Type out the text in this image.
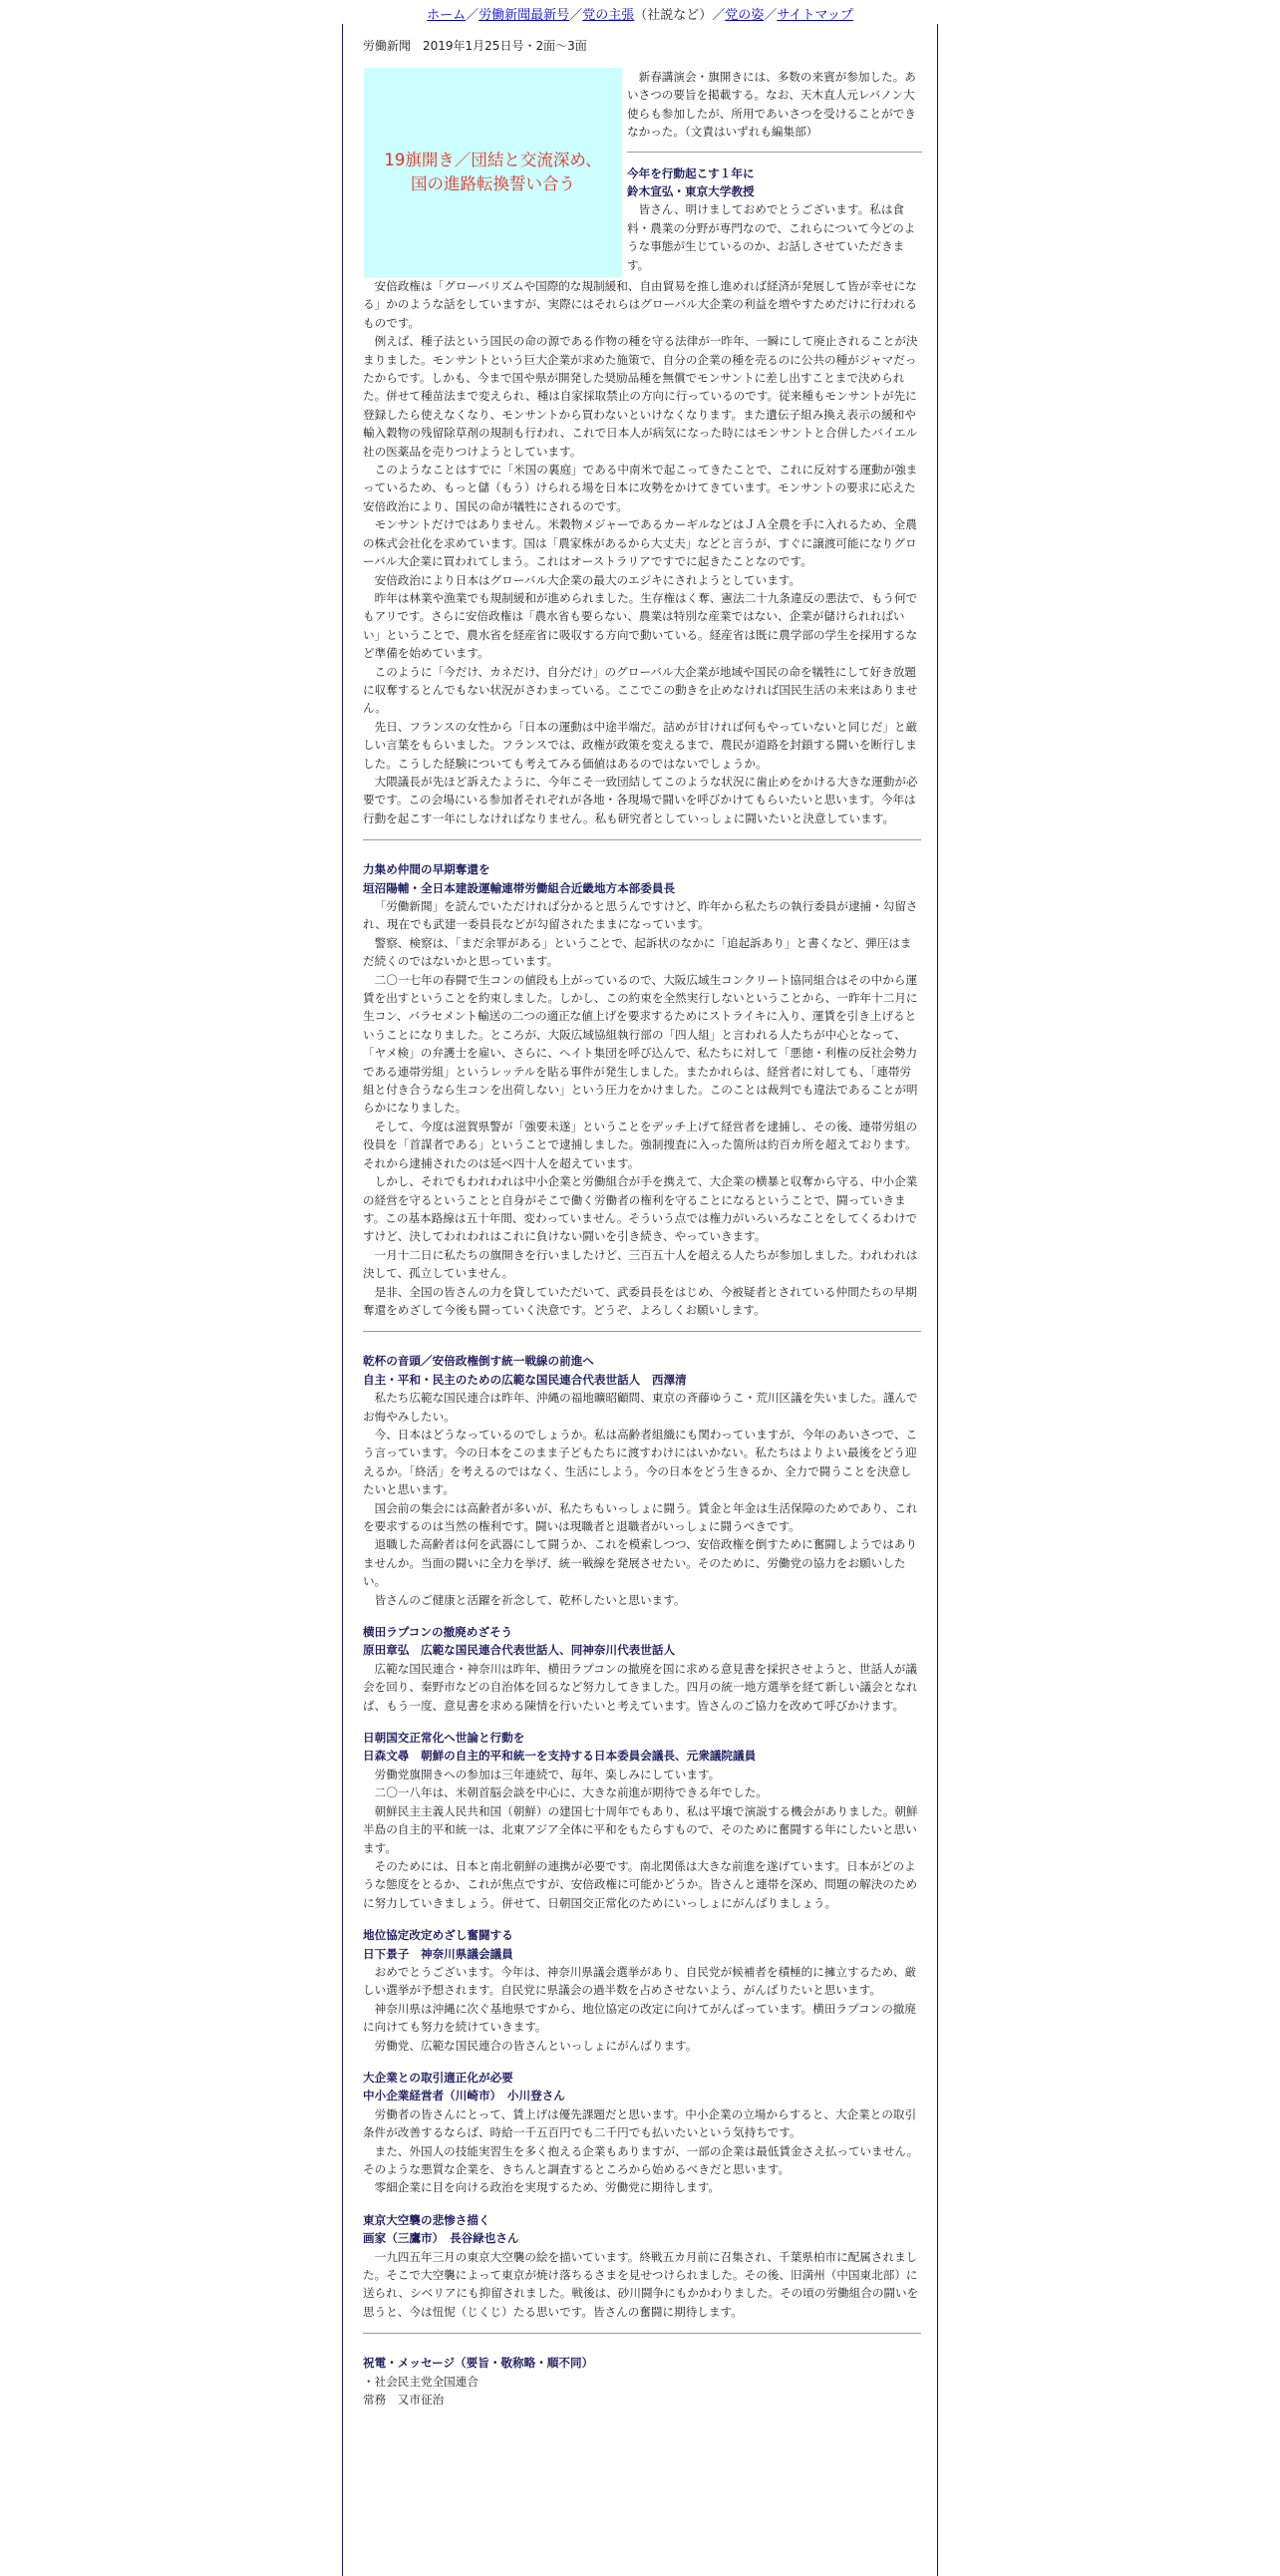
ホーム／労働新聞最新号／党の主張（社説など）／党の姿／サイトマップ
労働新聞　2019年1月25日号・2面～3面
19旗開き／団結と交流深め、
国の進路転換誓い合う

新春講演会・旗開きには、多数の来賓が参加した。あいさつの要旨を掲載する。なお、天木直人元レバノン大使らも参加したが、所用であいさつを受けることができなかった。（文責はいずれも編集部）

今年を行動起こす１年に

鈴木宣弘・東京大学教授

皆さん、明けましておめでとうございます。私は食料・農業の分野が専門なので、これらについて今どのような事態が生じているのか、お話しさせていただきます。

安倍政権は「グローバリズムや国際的な規制緩和、自由貿易を推し進めれば経済が発展して皆が幸せになる」かのような話をしていますが、実際にはそれらはグローバル大企業の利益を増やすためだけに行われるものです。

例えば、種子法という国民の命の源である作物の種を守る法律が一昨年、一瞬にして廃止されることが決まりました。モンサントという巨大企業が求めた施策で、自分の企業の種を売るのに公共の種がジャマだったからです。しかも、今まで国や県が開発した奨励品種を無償でモンサントに差し出すことまで決められた。併せて種苗法まで変えられ、種は自家採取禁止の方向に行っているのです。従来種もモンサントが先に登録したら使えなくなり、モンサントから買わないといけなくなります。また遺伝子組み換え表示の緩和や輸入穀物の残留除草剤の規制も行われ、これで日本人が病気になった時にはモンサントと合併したバイエル社の医薬品を売りつけようとしています。

このようなことはすでに「米国の裏庭」である中南米で起こってきたことで、これに反対する運動が強まっているため、もっと儲（もう）けられる場を日本に攻勢をかけてきています。モンサントの要求に応えた安倍政治により、国民の命が犠牲にされるのです。

モンサントだけではありません。米穀物メジャーであるカーギルなどはＪＡ全農を手に入れるため、全農の株式会社化を求めています。国は「農家株があるから大丈夫」などと言うが、すぐに譲渡可能になりグローバル大企業に買われてしまう。これはオーストラリアですでに起きたことなのです。

安倍政治により日本はグローバル大企業の最大のエジキにされようとしています。

昨年は林業や漁業でも規制緩和が進められました。生存権はく奪、憲法二十九条違反の悪法で、もう何でもアリです。さらに安倍政権は「農水省も要らない、農業は特別な産業ではない、企業が儲けられればいい」ということで、農水省を経産省に吸収する方向で動いている。経産省は既に農学部の学生を採用するなど準備を始めています。

このように「今だけ、カネだけ、自分だけ」のグローバル大企業が地域や国民の命を犠牲にして好き放題に収奪するとんでもない状況がさわまっている。ここでこの動きを止めなければ国民生活の未来はありません。

先日、フランスの女性から「日本の運動は中途半端だ。詰めが甘ければ何もやっていないと同じだ」と厳しい言葉をもらいました。フランスでは、政権が政策を変えるまで、農民が道路を封鎖する闘いを断行しました。こうした経験についても考えてみる価値はあるのではないでしょうか。

大隈議長が先ほど訴えたように、今年こそ一致団結してこのような状況に歯止めをかける大きな運動が必要です。この会場にいる参加者それぞれが各地・各現場で闘いを呼びかけてもらいたいと思います。今年は行動を起こす一年にしなければなりません。私も研究者としていっしょに闘いたいと決意しています。

力集め仲間の早期奪還を

垣沼陽輔・全日本建設運輸連帯労働組合近畿地方本部委員長

「労働新聞」を読んでいただければ分かると思うんですけど、昨年から私たちの執行委員が逮捕・勾留され、現在でも武建一委員長などが勾留されたままになっています。

警察、検察は、「まだ余罪がある」ということで、起訴状のなかに「追起訴あり」と書くなど、弾圧はまだ続くのではないかと思っています。

二〇一七年の春闘で生コンの値段も上がっているので、大阪広域生コンクリート協同組合はその中から運賃を出すということを約束しました。しかし、この約束を全然実行しないということから、一昨年十二月に生コン、バラセメント輸送の二つの適正な値上げを要求するためにストライキに入り、運賃を引き上げるということになりました。ところが、大阪広域協組執行部の「四人組」と言われる人たちが中心となって、「ヤメ検」の弁護士を雇い、さらに、ヘイト集団を呼び込んで、私たちに対して「悪徳・利権の反社会勢力である連帯労組」というレッテルを貼る事件が発生しました。またかれらは、経営者に対しても、「連帯労組と付き合うなら生コンを出荷しない」という圧力をかけました。このことは裁判でも違法であることが明らかになりました。

そして、今度は滋賀県警が「強要未遂」ということをデッチ上げて経営者を逮捕し、その後、連帯労組の役員を「首謀者である」ということで逮捕しました。強制捜査に入った箇所は約百カ所を超えております。それから逮捕されたのは延べ四十人を超えています。

しかし、それでもわれわれは中小企業と労働組合が手を携えて、大企業の横暴と収奪から守る、中小企業の経営を守るということと自身がそこで働く労働者の権利を守ることになるということで、闘っていきます。この基本路線は五十年間、変わっていません。そういう点では権力がいろいろなことをしてくるわけですけど、決してわれわれはこれに負けない闘いを引き続き、やっていきます。

一月十二日に私たちの旗開きを行いましたけど、三百五十人を超える人たちが参加しました。われわれは決して、孤立していません。

是非、全国の皆さんの力を貸していただいて、武委員長をはじめ、今被疑者とされている仲間たちの早期奪還をめざして今後も闘っていく決意です。どうぞ、よろしくお願いします。

乾杯の音頭／安倍政権倒す統一戦線の前進へ

自主・平和・民主のための広範な国民連合代表世話人　西澤清

私たち広範な国民連合は昨年、沖縄の福地曠昭顧問、東京の斉藤ゆうこ・荒川区議を失いました。謹んでお悔やみしたい。

今、日本はどうなっているのでしょうか。私は高齢者組織にも関わっていますが、今年のあいさつで、こう言っています。今の日本をこのまま子どもたちに渡すわけにはいかない。私たちはよりよい最後をどう迎えるか。「終活」を考えるのではなく、生活にしよう。今の日本をどう生きるか、全力で闘うことを決意したいと思います。

国会前の集会には高齢者が多いが、私たちもいっしょに闘う。賃金と年金は生活保障のためであり、これを要求するのは当然の権利です。闘いは現職者と退職者がいっしょに闘うべきです。

退職した高齢者は何を武器にして闘うか、これを模索しつつ、安倍政権を倒すために奮闘しようではありませんか。当面の闘いに全力を挙げ、統一戦線を発展させたい。そのために、労働党の協力をお願いしたい。

皆さんのご健康と活躍を祈念して、乾杯したいと思います。

横田ラプコンの撤廃めざそう

原田章弘　広範な国民連合代表世話人、同神奈川代表世話人

広範な国民連合・神奈川は昨年、横田ラプコンの撤廃を国に求める意見書を採択させようと、世話人が議会を回り、秦野市などの自治体を回るなど努力してきました。四月の統一地方選挙を経て新しい議会となれば、もう一度、意見書を求める陳情を行いたいと考えています。皆さんのご協力を改めて呼びかけます。

日朝国交正常化へ世論と行動を

日森文尋　朝鮮の自主的平和統一を支持する日本委員会議長、元衆議院議員

労働党旗開きへの参加は三年連続で、毎年、楽しみにしています。

二〇一八年は、米朝首脳会談を中心に、大きな前進が期待できる年でした。

朝鮮民主主義人民共和国（朝鮮）の建国七十周年でもあり、私は平壌で演説する機会がありました。朝鮮半島の自主的平和統一は、北東アジア全体に平和をもたらすもので、そのために奮闘する年にしたいと思います。

そのためには、日本と南北朝鮮の連携が必要です。南北関係は大きな前進を遂げています。日本がどのような態度をとるか、これが焦点ですが、安倍政権に可能かどうか。皆さんと連帯を深め、問題の解決のために努力していきましょう。併せて、日朝国交正常化のためにいっしょにがんばりましょう。

地位協定改定めざし奮闘する

日下景子　神奈川県議会議員

おめでとうございます。今年は、神奈川県議会選挙があり、自民党が候補者を積極的に擁立するため、厳しい選挙が予想されます。自民党に県議会の過半数を占めさせないよう、がんばりたいと思います。

神奈川県は沖縄に次ぐ基地県ですから、地位協定の改定に向けてがんばっています。横田ラプコンの撤廃に向けても努力を続けていきます。

労働党、広範な国民連合の皆さんといっしょにがんばります。

大企業との取引適正化が必要

中小企業経営者（川崎市）　小川登さん

労働者の皆さんにとって、賃上げは優先課題だと思います。中小企業の立場からすると、大企業との取引条件が改善するならば、時給一千五百円でも二千円でも払いたいという気持ちです。

また、外国人の技能実習生を多く抱える企業もありますが、一部の企業は最低賃金さえ払っていません。そのような悪質な企業を、きちんと調査するところから始めるべきだと思います。

零細企業に目を向ける政治を実現するため、労働党に期待します。

東京大空襲の悲惨さ描く

画家（三鷹市）　長谷緑也さん

一九四五年三月の東京大空襲の絵を描いています。終戦五カ月前に召集され、千葉県柏市に配属されました。そこで大空襲によって東京が焼け落ちるさまを見せつけられました。その後、旧満州（中国東北部）に送られ、シベリアにも抑留されました。戦後は、砂川闘争にもかかわりました。その頃の労働組合の闘いを思うと、今は忸怩（じくじ）たる思いです。皆さんの奮闘に期待します。

祝電・メッセージ（要旨・敬称略・順不同）

・社会民主党全国連合

常務　又市征治
